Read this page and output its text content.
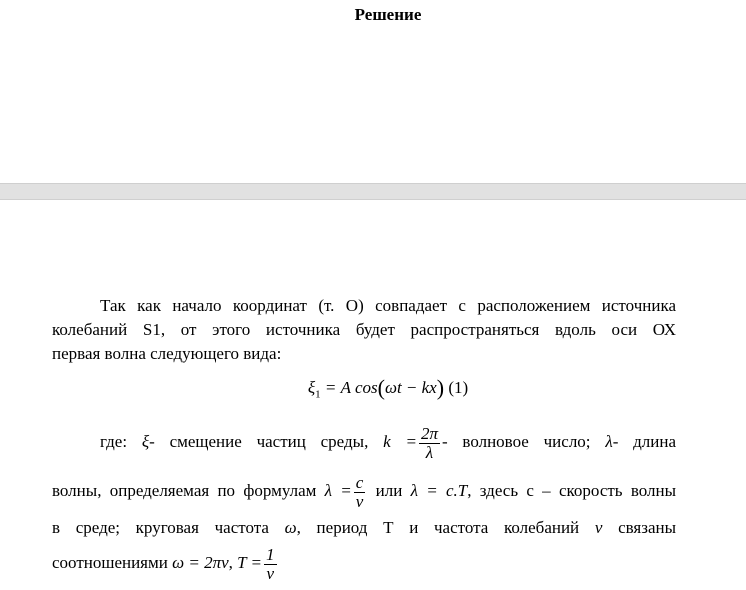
Решение
Так как начало координат (т. О) совпадает с расположением источника
колебаний S1, от этого источника будет распространяться вдоль оси ОХ
первая волна следующего вида:
$\xi_1 = A$ cos(ωt − kx) (1)
где: ξ- смещение частиц среды, $k = \frac{2\pi}{\lambda}$ - волновое число; λ- длина
волны, определяемая по формулам $\lambda = \frac{c}{\nu}$ или λ = c.T, здесь с – скорость волны
в среде; круговая частота ω, период Т и частота колебаний ν связаны
соотношениями ω = 2πν, $T = \frac{1}{\nu}$
